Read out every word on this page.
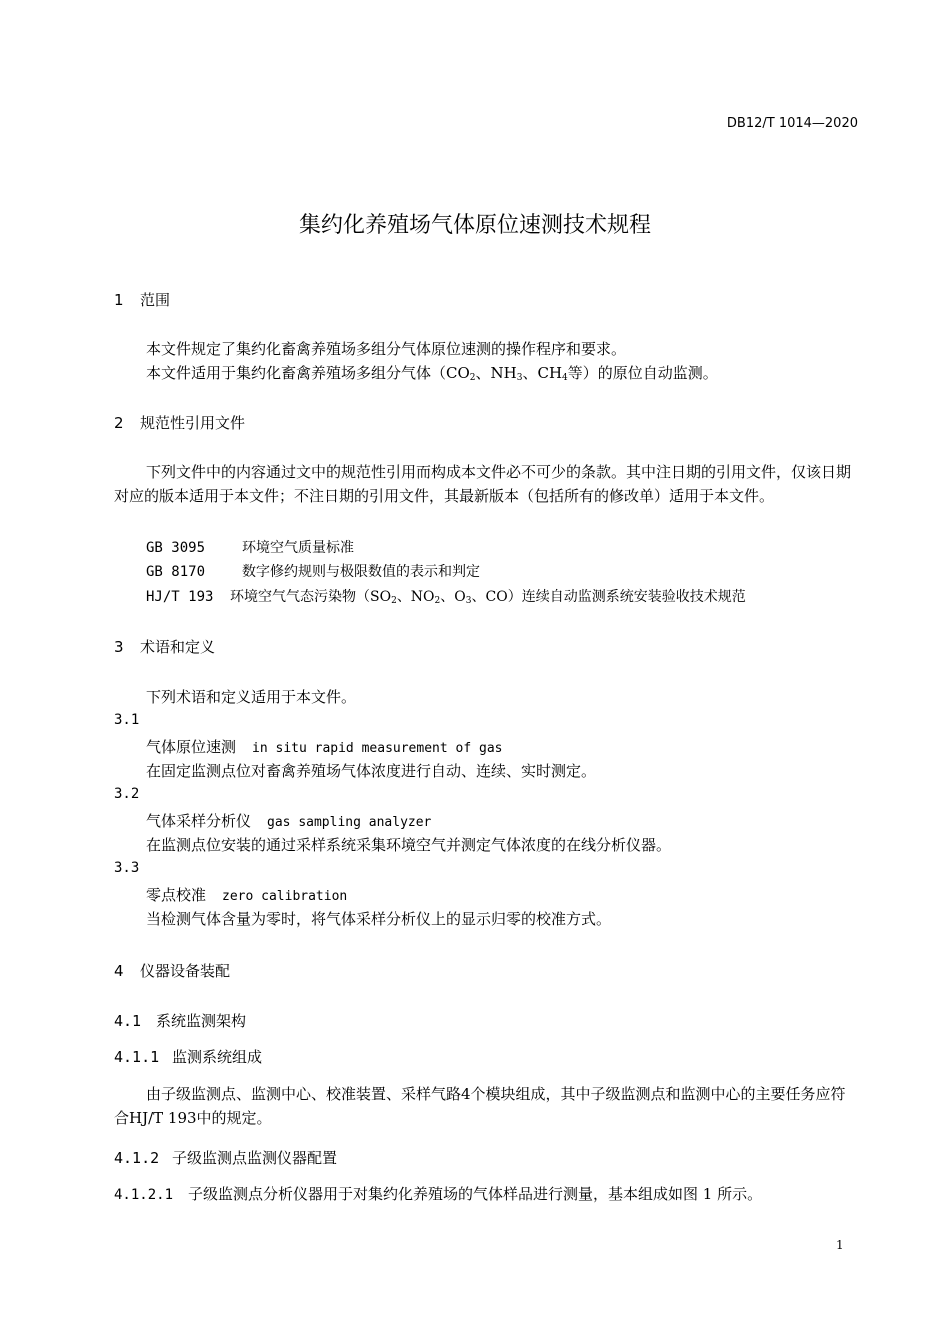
DB12/T 1014—2020
集约化养殖场气体原位速测技术规程
1 范围
本文件规定了集约化畜禽养殖场多组分气体原位速测的操作程序和要求。
本文件适用于集约化畜禽养殖场多组分气体（$CO_2$、$NH_3$、$CH_4$等）的原位自动监测。
2 规范性引用文件
下列文件中的内容通过文中的规范性引用而构成本文件必不可少的条款。其中注日期的引用文件，仅该日期对应的版本适用于本文件；不注日期的引用文件，其最新版本（包括所有的修改单）适用于本文件。
GB 3095	环境空气质量标准
GB 8170	数字修约规则与极限数值的表示和判定
HJ/T 193 环境空气气态污染物（$SO_2$、$NO_2$、$O_3$、CO）连续自动监测系统安装验收技术规范
3 术语和定义
下列术语和定义适用于本文件。
3.1
气体原位速测 in situ rapid measurement of gas
在固定监测点位对畜禽养殖场气体浓度进行自动、连续、实时测定。
3.2
气体采样分析仪 gas sampling analyzer
在监测点位安装的通过采样系统采集环境空气并测定气体浓度的在线分析仪器。
3.3
零点校准 zero calibration
当检测气体含量为零时，将气体采样分析仪上的显示归零的校准方式。
4 仪器设备装配
4.1 系统监测架构
4.1.1 监测系统组成
由子级监测点、监测中心、校准装置、采样气路4个模块组成，其中子级监测点和监测中心的主要任务应符合HJ/T 193中的规定。
4.1.2 子级监测点监测仪器配置
4.1.2.1 子级监测点分析仪器用于对集约化养殖场的气体样品进行测量，基本组成如图 1 所示。
1
